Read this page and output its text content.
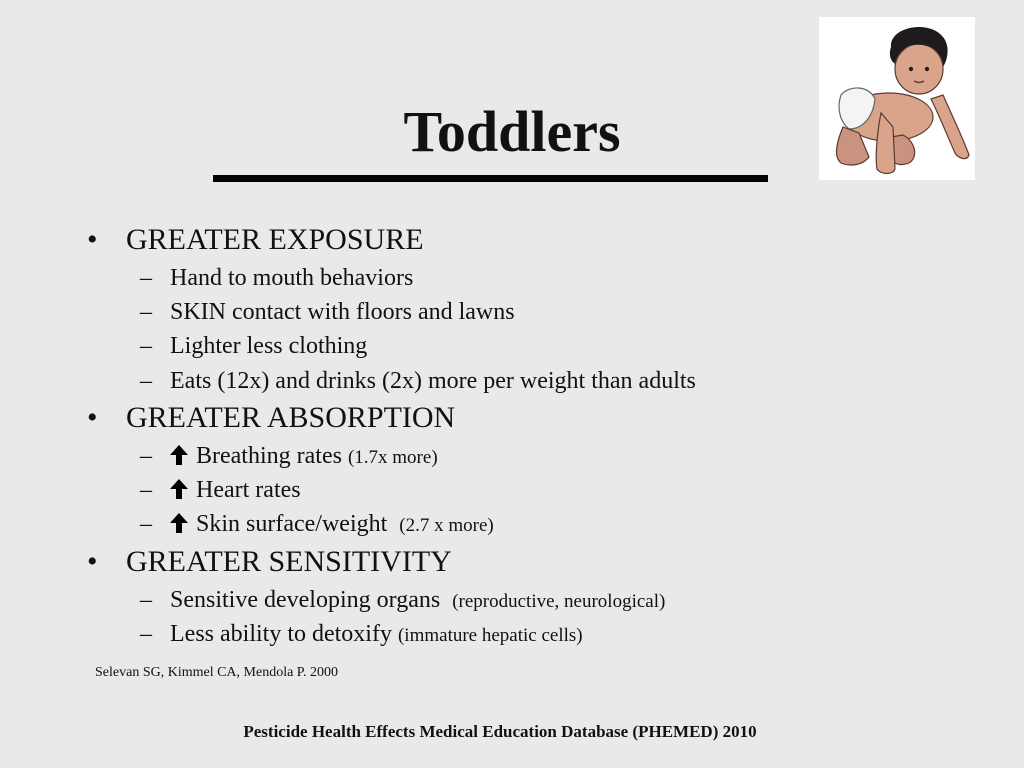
Toddlers
• GREATER EXPOSURE
– Hand to mouth behaviors
– SKIN contact with floors and lawns
– Lighter less clothing
– Eats (12x) and drinks (2x) more per weight than adults
• GREATER ABSORPTION
–	Breathing rates (1.7x more)
–	Heart rates
–	Skin surface/weight (2.7 x more)
• GREATER SENSITIVITY
– Sensitive developing organs (reproductive, neurological)
– Less ability to detoxify (immature hepatic cells)
Selevan SG, Kimmel CA, Mendola P. 2000
Pesticide Health Effects Medical Education Database (PHEMED) 2010
